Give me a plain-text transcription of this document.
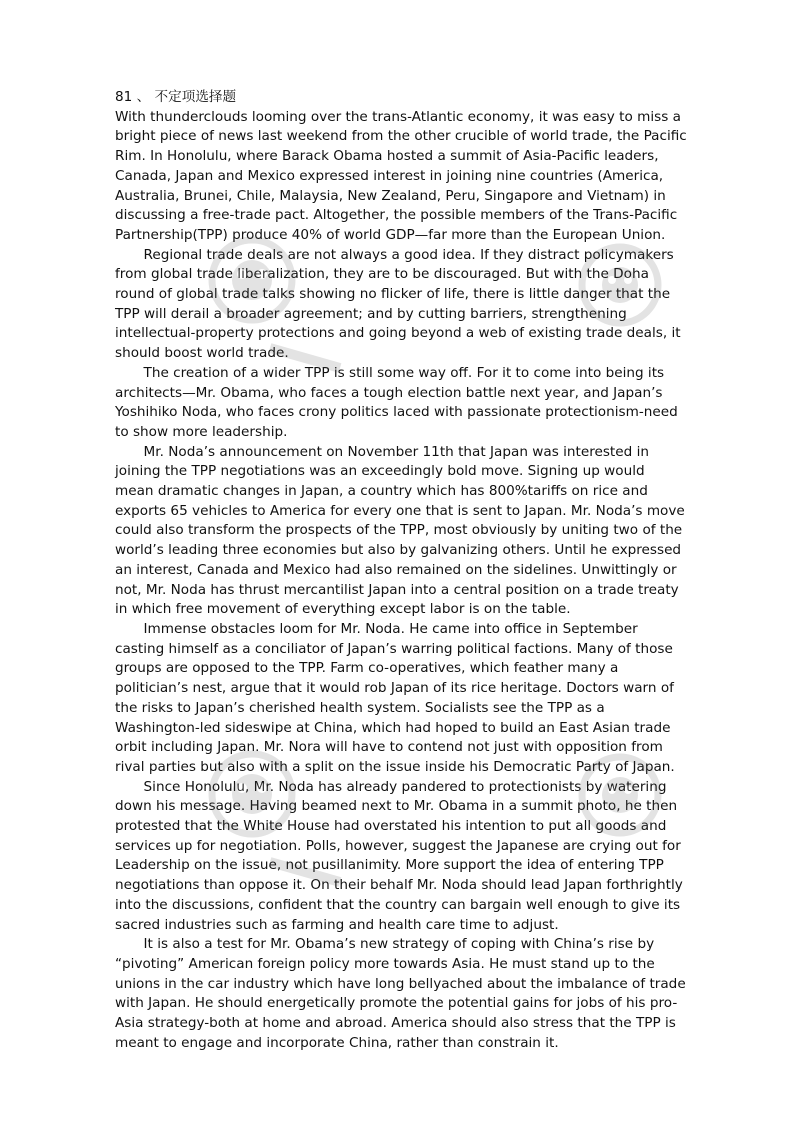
81 、 不定项选择题

With thunderclouds looming over the trans-Atlantic economy, it was easy to miss a bright piece of news last weekend from the other crucible of world trade, the Pacific Rim. In Honolulu, where Barack Obama hosted a summit of Asia-Pacific leaders, Canada, Japan and Mexico expressed interest in joining nine countries (America, Australia, Brunei, Chile, Malaysia, New Zealand, Peru, Singapore and Vietnam) in discussing a free-trade pact. Altogether, the possible members of the Trans-Pacific Partnership(TPP) produce 40% of world GDP—far more than the European Union.

Regional trade deals are not always a good idea. If they distract policymakers from global trade liberalization, they are to be discouraged. But with the Doha round of global trade talks showing no flicker of life, there is little danger that the TPP will derail a broader agreement; and by cutting barriers, strengthening intellectual-property protections and going beyond a web of existing trade deals, it should boost world trade.

The creation of a wider TPP is still some way off. For it to come into being its architects—Mr. Obama, who faces a tough election battle next year, and Japan’s Yoshihiko Noda, who faces crony politics laced with passionate protectionism-need to show more leadership.

Mr. Noda’s announcement on November 11th that Japan was interested in joining the TPP negotiations was an exceedingly bold move. Signing up would mean dramatic changes in Japan, a country which has 800%tariffs on rice and exports 65 vehicles to America for every one that is sent to Japan. Mr. Noda’s move could also transform the prospects of the TPP, most obviously by uniting two of the world’s leading three economies but also by galvanizing others. Until he expressed an interest, Canada and Mexico had also remained on the sidelines. Unwittingly or not, Mr. Noda has thrust mercantilist Japan into a central position on a trade treaty in which free movement of everything except labor is on the table.

Immense obstacles loom for Mr. Noda. He came into office in September casting himself as a conciliator of Japan’s warring political factions. Many of those groups are opposed to the TPP. Farm co-operatives, which feather many a politician’s nest, argue that it would rob Japan of its rice heritage. Doctors warn of the risks to Japan’s cherished health system. Socialists see the TPP as a Washington-led sideswipe at China, which had hoped to build an East Asian trade orbit including Japan. Mr. Nora will have to contend not just with opposition from rival parties but also with a split on the issue inside his Democratic Party of Japan.

Since Honolulu, Mr. Noda has already pandered to protectionists by watering down his message. Having beamed next to Mr. Obama in a summit photo, he then protested that the White House had overstated his intention to put all goods and services up for negotiation. Polls, however, suggest the Japanese are crying out for Leadership on the issue, not pusillanimity. More support the idea of entering TPP negotiations than oppose it. On their behalf Mr. Noda should lead Japan forthrightly into the discussions, confident that the country can bargain well enough to give its sacred industries such as farming and health care time to adjust.

It is also a test for Mr. Obama’s new strategy of coping with China’s rise by “pivoting” American foreign policy more towards Asia. He must stand up to the unions in the car industry which have long bellyached about the imbalance of trade with Japan. He should energetically promote the potential gains for jobs of his pro-Asia strategy-both at home and abroad. America should also stress that the TPP is meant to engage and incorporate China, rather than constrain it.
